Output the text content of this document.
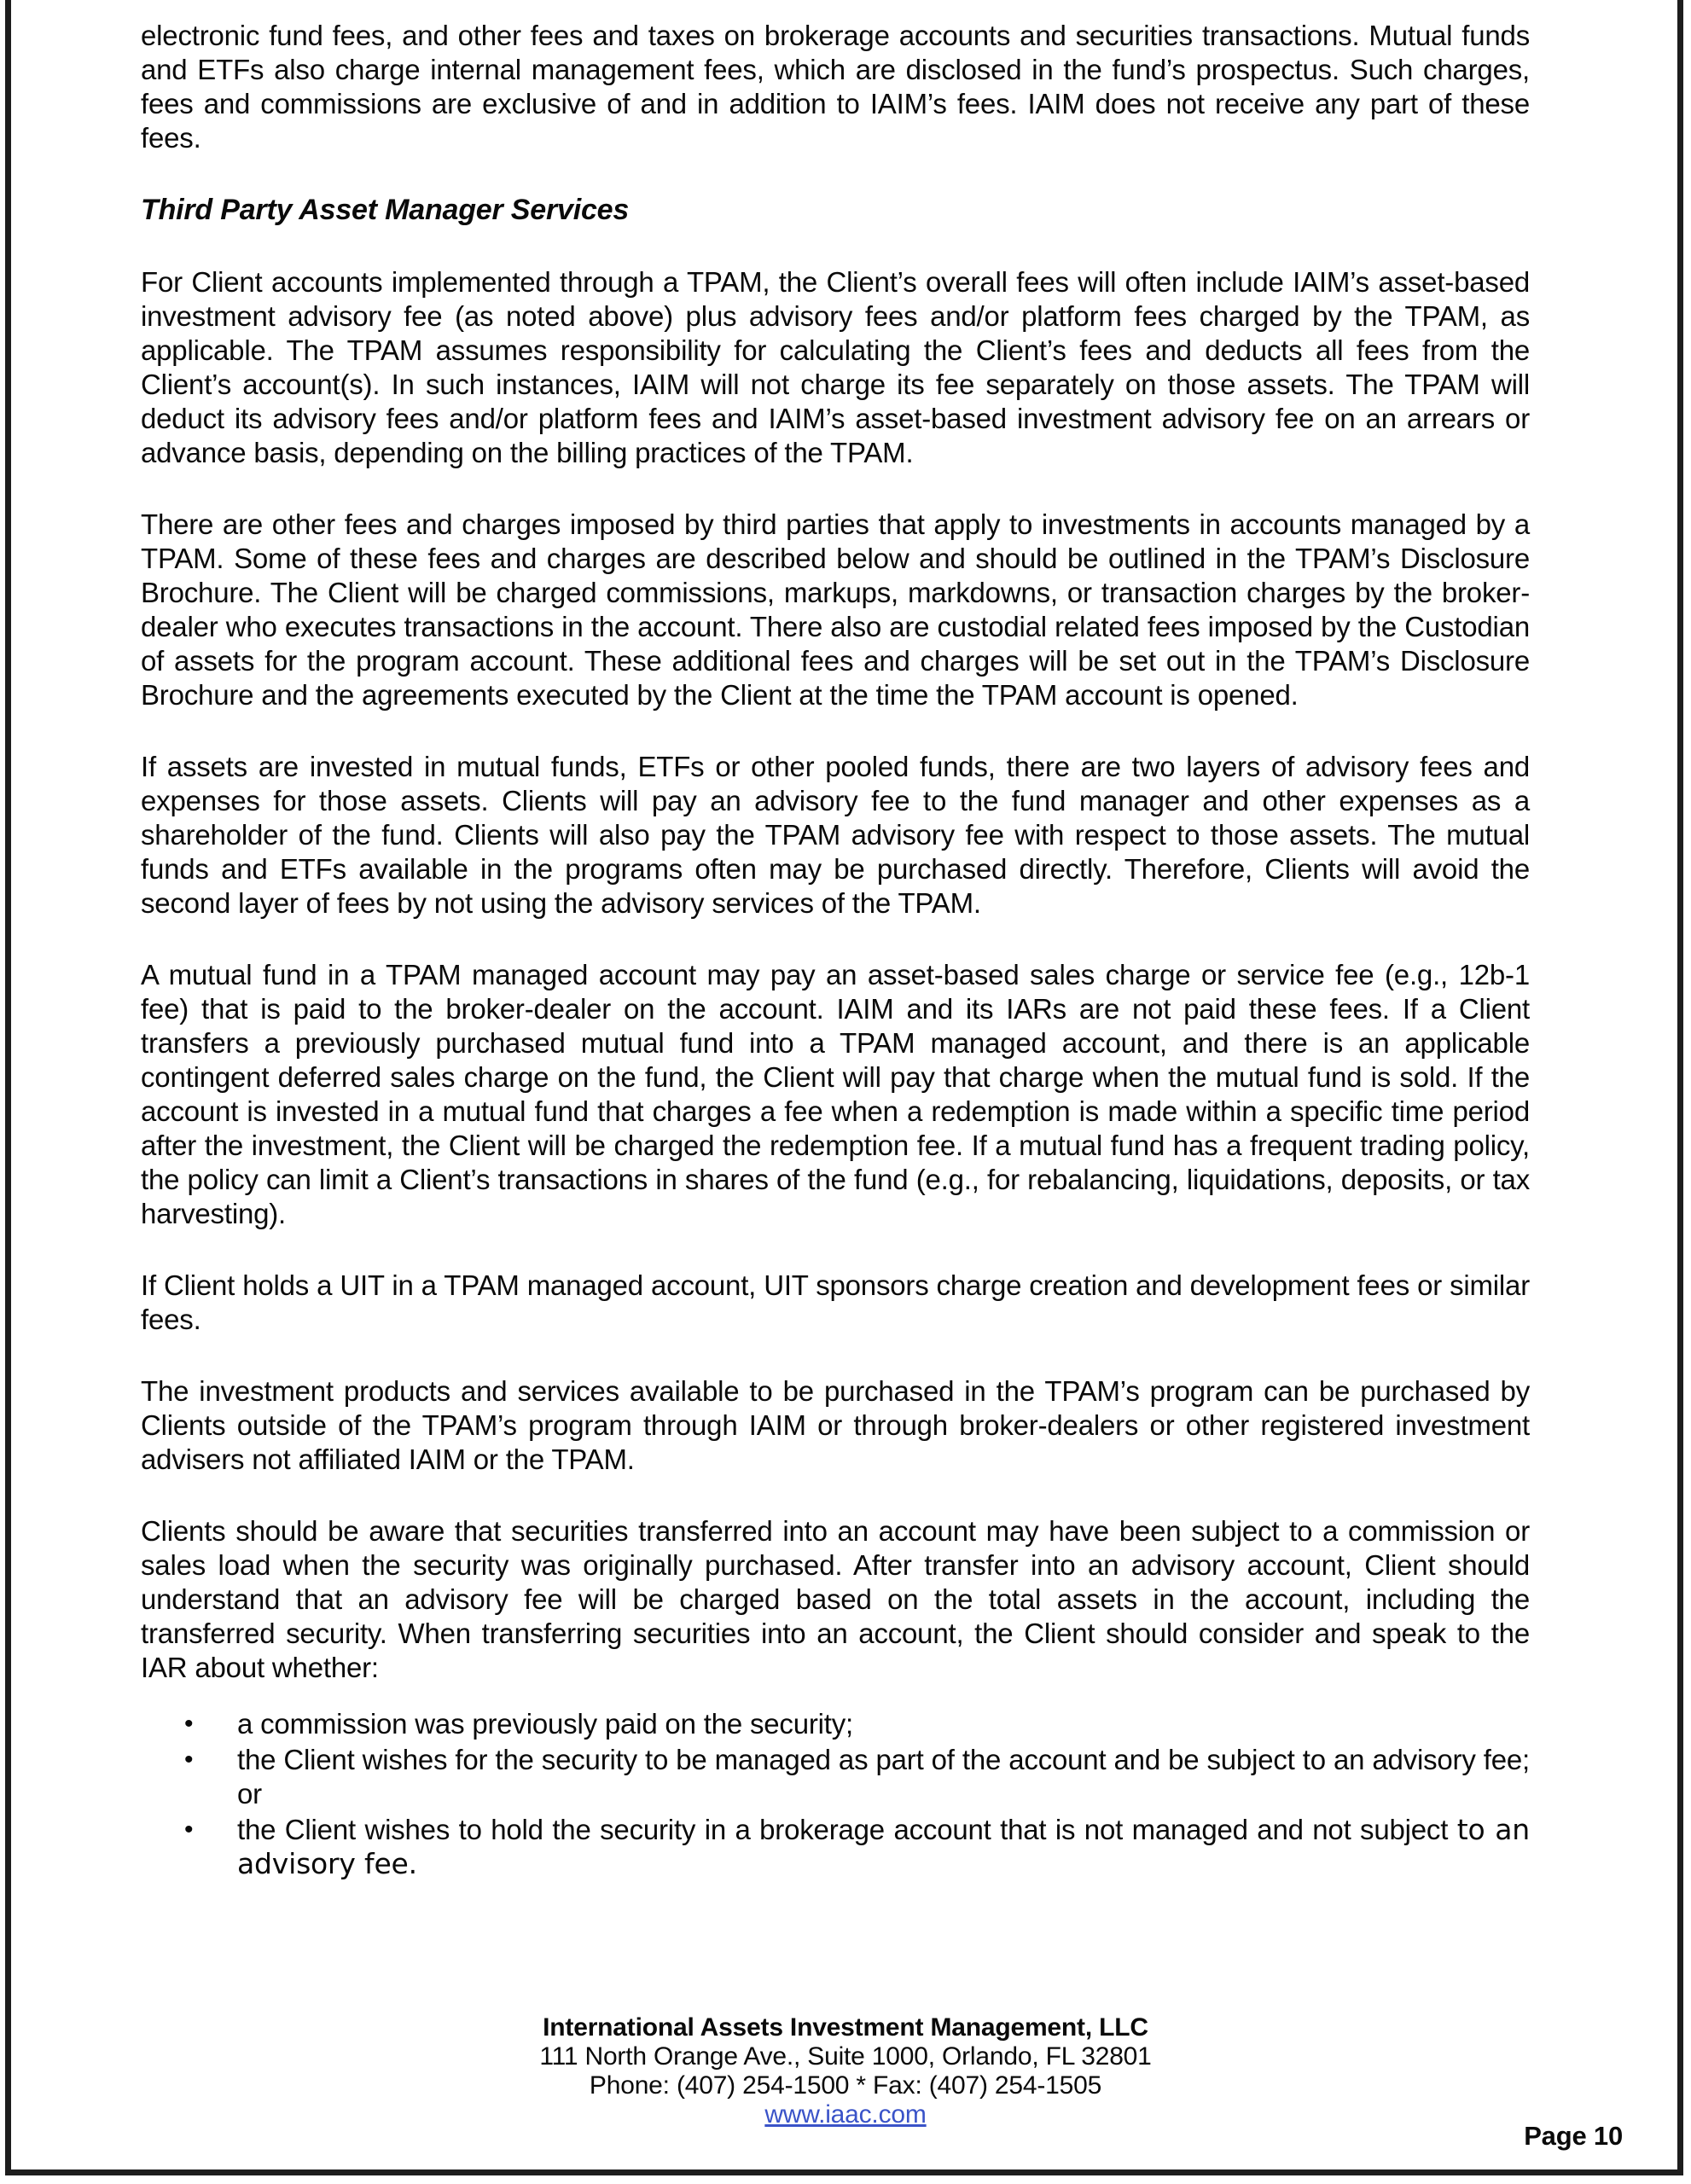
electronic fund fees, and other fees and taxes on brokerage accounts and securities transactions. Mutual funds and ETFs also charge internal management fees, which are disclosed in the fund’s prospectus. Such charges, fees and commissions are exclusive of and in addition to IAIM’s fees. IAIM does not receive any part of these fees.

Third Party Asset Manager Services

For Client accounts implemented through a TPAM, the Client’s overall fees will often include IAIM’s asset-based investment advisory fee (as noted above) plus advisory fees and/or platform fees charged by the TPAM, as applicable. The TPAM assumes responsibility for calculating the Client’s fees and deducts all fees from the Client’s account(s). In such instances, IAIM will not charge its fee separately on those assets. The TPAM will deduct its advisory fees and/or platform fees and IAIM’s asset-based investment advisory fee on an arrears or advance basis, depending on the billing practices of the TPAM.

There are other fees and charges imposed by third parties that apply to investments in accounts managed by a TPAM. Some of these fees and charges are described below and should be outlined in the TPAM’s Disclosure Brochure. The Client will be charged commissions, markups, markdowns, or transaction charges by the broker-dealer who executes transactions in the account. There also are custodial related fees imposed by the Custodian of assets for the program account. These additional fees and charges will be set out in the TPAM’s Disclosure Brochure and the agreements executed by the Client at the time the TPAM account is opened.

If assets are invested in mutual funds, ETFs or other pooled funds, there are two layers of advisory fees and expenses for those assets. Clients will pay an advisory fee to the fund manager and other expenses as a shareholder of the fund. Clients will also pay the TPAM advisory fee with respect to those assets. The mutual funds and ETFs available in the programs often may be purchased directly. Therefore, Clients will avoid the second layer of fees by not using the advisory services of the TPAM.

A mutual fund in a TPAM managed account may pay an asset-based sales charge or service fee (e.g., 12b-1 fee) that is paid to the broker-dealer on the account. IAIM and its IARs are not paid these fees. If a Client transfers a previously purchased mutual fund into a TPAM managed account, and there is an applicable contingent deferred sales charge on the fund, the Client will pay that charge when the mutual fund is sold. If the account is invested in a mutual fund that charges a fee when a redemption is made within a specific time period after the investment, the Client will be charged the redemption fee. If a mutual fund has a frequent trading policy, the policy can limit a Client’s transactions in shares of the fund (e.g., for rebalancing, liquidations, deposits, or tax harvesting).

If Client holds a UIT in a TPAM managed account, UIT sponsors charge creation and development fees or similar fees.

The investment products and services available to be purchased in the TPAM’s program can be purchased by Clients outside of the TPAM’s program through IAIM or through broker-dealers or other registered investment advisers not affiliated IAIM or the TPAM.

Clients should be aware that securities transferred into an account may have been subject to a commission or sales load when the security was originally purchased. After transfer into an advisory account, Client should understand that an advisory fee will be charged based on the total assets in the account, including the transferred security. When transferring securities into an account, the Client should consider and speak to the IAR about whether:

• a commission was previously paid on the security;
• the Client wishes for the security to be managed as part of the account and be subject to an advisory fee; or
• the Client wishes to hold the security in a brokerage account that is not managed and not subject to an advisory fee.
International Assets Investment Management, LLC
111 North Orange Ave., Suite 1000, Orlando, FL 32801
Phone: (407) 254-1500 * Fax: (407) 254-1505
www.iaac.com
Page 10
